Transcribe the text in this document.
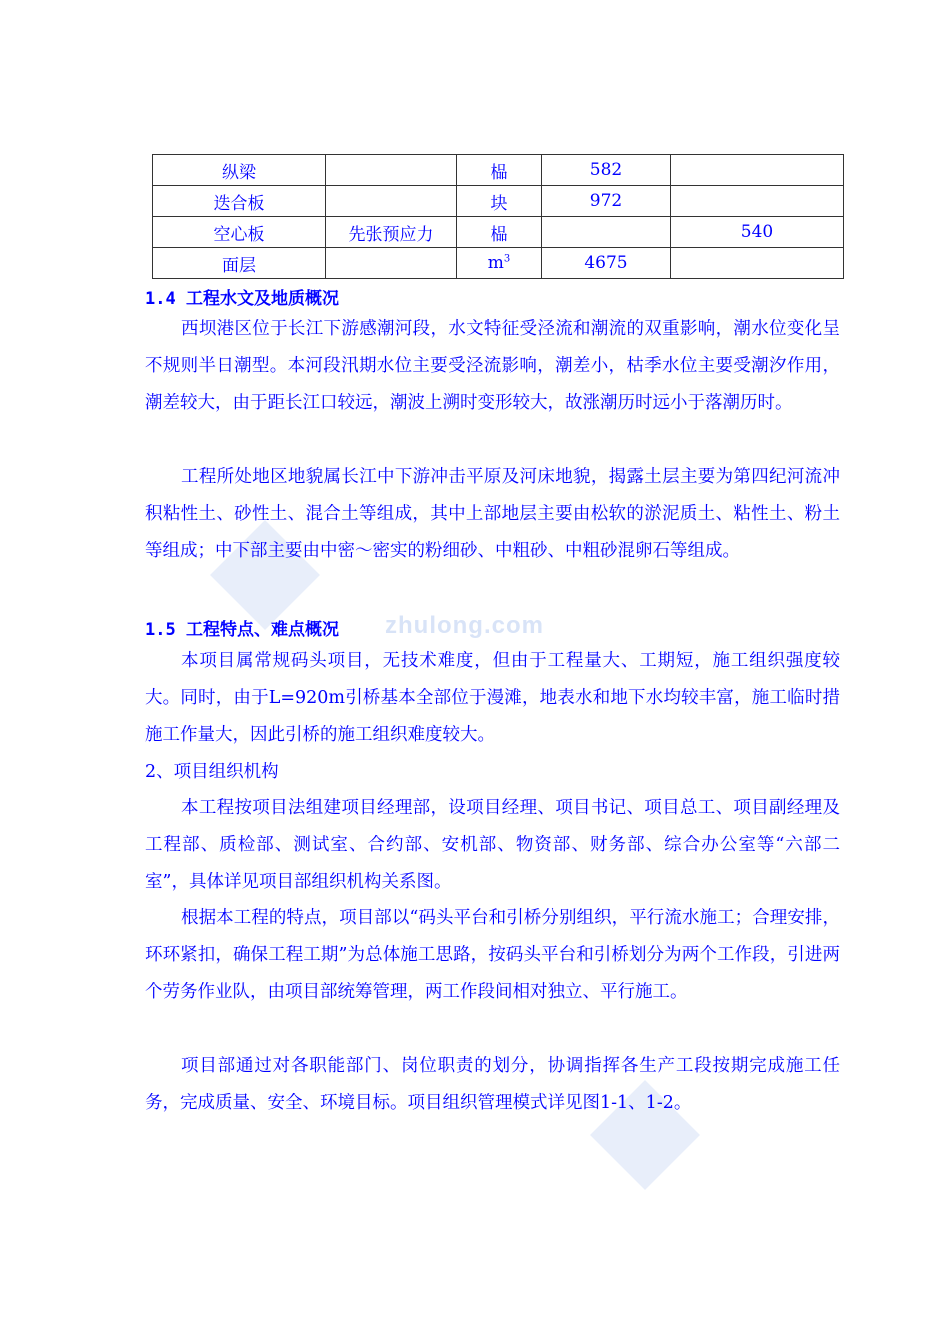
zhulong.com
纵梁		榀	582	
迭合板		块	972	
空心板	先张预应力	榀		540
面层		$m^3$	4675	
1.4 工程水文及地质概况
西坝港区位于长江下游感潮河段，水文特征受泾流和潮流的双重影响，潮水位变化呈不规则半日潮型。本河段汛期水位主要受泾流影响，潮差小，枯季水位主要受潮汐作用，潮差较大，由于距长江口较远，潮波上溯时变形较大，故涨潮历时远小于落潮历时。
工程所处地区地貌属长江中下游冲击平原及河床地貌，揭露土层主要为第四纪河流冲积粘性土、砂性土、混合土等组成，其中上部地层主要由松软的淤泥质土、粘性土、粉土等组成；中下部主要由中密～密实的粉细砂、中粗砂、中粗砂混卵石等组成。
1.5 工程特点、难点概况
本项目属常规码头项目，无技术难度，但由于工程量大、工期短，施工组织强度较大。同时，由于L=920m引桥基本全部位于漫滩，地表水和地下水均较丰富，施工临时措施工作量大，因此引桥的施工组织难度较大。
2、项目组织机构
本工程按项目法组建项目经理部，设项目经理、项目书记、项目总工、项目副经理及工程部、质检部、测试室、合约部、安机部、物资部、财务部、综合办公室等“六部二室”，具体详见项目部组织机构关系图。
根据本工程的特点，项目部以“码头平台和引桥分别组织，平行流水施工；合理安排，环环紧扣，确保工程工期”为总体施工思路，按码头平台和引桥划分为两个工作段，引进两个劳务作业队，由项目部统筹管理，两工作段间相对独立、平行施工。
项目部通过对各职能部门、岗位职责的划分，协调指挥各生产工段按期完成施工任务，完成质量、安全、环境目标。项目组织管理模式详见图1-1、1-2。
